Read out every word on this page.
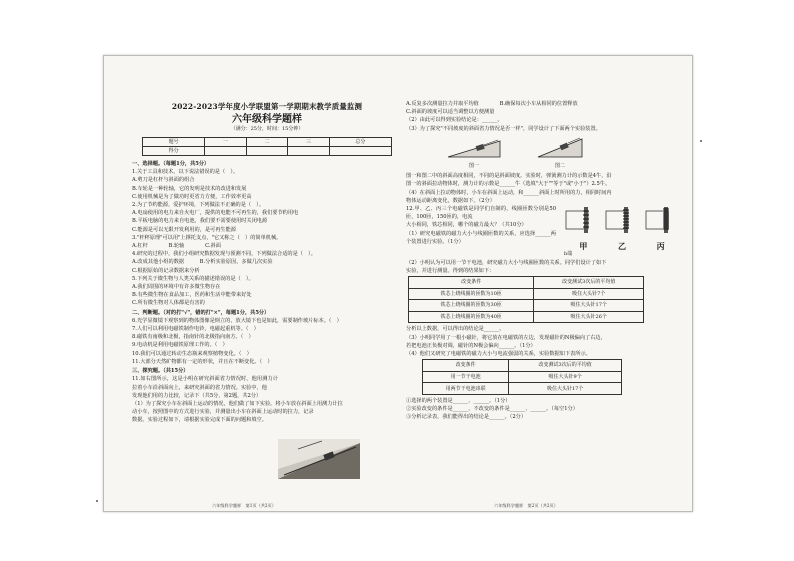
2022-2023学年度小学联盟第一学期期末教学质量监测
六年级科学题样
（满分：25分，时间：15分钟）
题号	一	二	三	总分
得分				
一、选择题。（每题1分，共5分）
1.关于工具和技术，以下说法错误的是（　）。
A.剪刀是杠杆与斜面的组合
B.车轮是一种轮轴，它的发明是技术的改进和发展
C.使用机械是为了做功时更省力方便，工作效率更高
2.为了节约能源，爱护环境，下列做法不正确的是（　）。
A.电扇使用的电力来自火电厂，提供的电能不可再生的，我们要节约用电
B.平板电脑的电力来自电池，我们要不需要使用时关闭电源
C.能源是可以无限开发利用的，是可再生能源
3."杆秤原理"可以用"上撑托支点，"它又称之（　）的简单机械。
A.杠杆　　　　B.轮轴　　　　C.斜面
4.研究的过程中，我们小组研究数据发现与预测不同，下列做法合适的是（　）。
A.改成其他小组的数据　　　B.分析实验原因，多做几次实验
C.根据原始的记录数据来分析
5.下列关于微生物与人类关系的描述错误的是（　）。
A.我们周围的环境中有许多微生物存在
B.有些微生物在食品加工，医药和生活中能带来好处
C.所有微生物对人体都是有害的
二、判断题。（对的打"√"，错的打"×"，每题1分，共5分）
6.光学显微镜下观察到的物体图像是倒立的，放大镜下也是如此，需要制作玻片标本。（　）
7.人们可以利用电磁铁制作电铃，电磁起重机等。（　）
8.磁铁有南极和北极，指南针的北极指向南方。（　）
9.电动机是利用电磁铁原理工作的。（　）
10.我们可以通过转动生态瓶来观察植物变化。（　）
11.大部分天然矿物都有一定的形状，并且在不断变化。（　）
三、探究题。（共15分）
11.如右图所示，这是小明在研究斜面省力情况时，他用测力计拉着小车沿斜面向上，来研究斜面的省力情况。实验中，他
发现他们用的力比较，记录下（共5分，第2题，共2分）
（1）为了探究小车在斜面上运动的情况，他们做了如下实验。将小车放在斜面上用测力计拉
动小车，按照图中的方式进行实验，并测量出小车在斜面上运动时的拉力，记录
数据。实验过程如下，请根据实验完成下面的问题和填空。
六年级科学题样　第1页（共2页）
A.反复多次测量拉力并取平均值　　　　B.确保每次小车从相同的位置释放
C.斜面的坡度可以适当调整以方便测量
（2）由此可以得到实验结论是：______。
（3）为了探究"不同坡度的斜面省力情况是否一样"，同学设计了下面两个实验装置。
图一	图二
图一和图二中的斜面高度相同，不同的是斜面坡度。实验时，弹簧测力计的示数是4牛，沿
图一的斜面拉动物体时，测力计的示数是______牛（选填"大于""等于"或"小于"）2.5牛。
（4）在斜面上拉动物体时，小车在斜面上运动，和______斜面上时所用的力，相同时间内
物体运动距离变化，数据如下。（2分）
12.甲、乙、丙三个电磁铁是同学们自制的，线圈匝数分别是50匝，100匝，150匝的，电流
大小相同，铁芯相同，哪个的磁力最大？（共10分）
（1）研究电磁铁的磁力大小与线圈匝数的关系，应选择______两个装置进行实验。（1分）	甲	乙	丙
b端
（2）小明认为可以用一节干电池，研究磁力大小与线圈匝数的关系。同学们设计了如下
实验，并进行测量。得到的结果如下：
改变条件	改变测试3次后的平均值
铁芯上绕线圈的匝数为10匝	吸住大头针7个
铁芯上绕线圈的匝数为30匝	吸住大头针17个
铁芯上绕线圈的匝数为40匝	吸住大头针26个
分析以上数据，可以得出的结论是______。
（3）小明同学用了一根小磁针，将它放在电磁铁的左边，发现磁针的N极偏向了右边，
若把电池正负极对调，磁针的N极会偏向______。（1分）
（4）他们又研究了电磁铁的磁力大小与电流强弱的关系，实验数据如下表所示。
改变条件	改变测试3次后的平均值
用一节干电池	吸住大头针9个
用两节干电池串联	吸住大头针17个
①选择的两个装置是______、______。（1分）
②实验改变的条件是______，不改变的条件是______、______。（每空1分）
③分析记录表，我们能得出的结论是______。（2分）
六年级科学题样　第2页（共2页）
